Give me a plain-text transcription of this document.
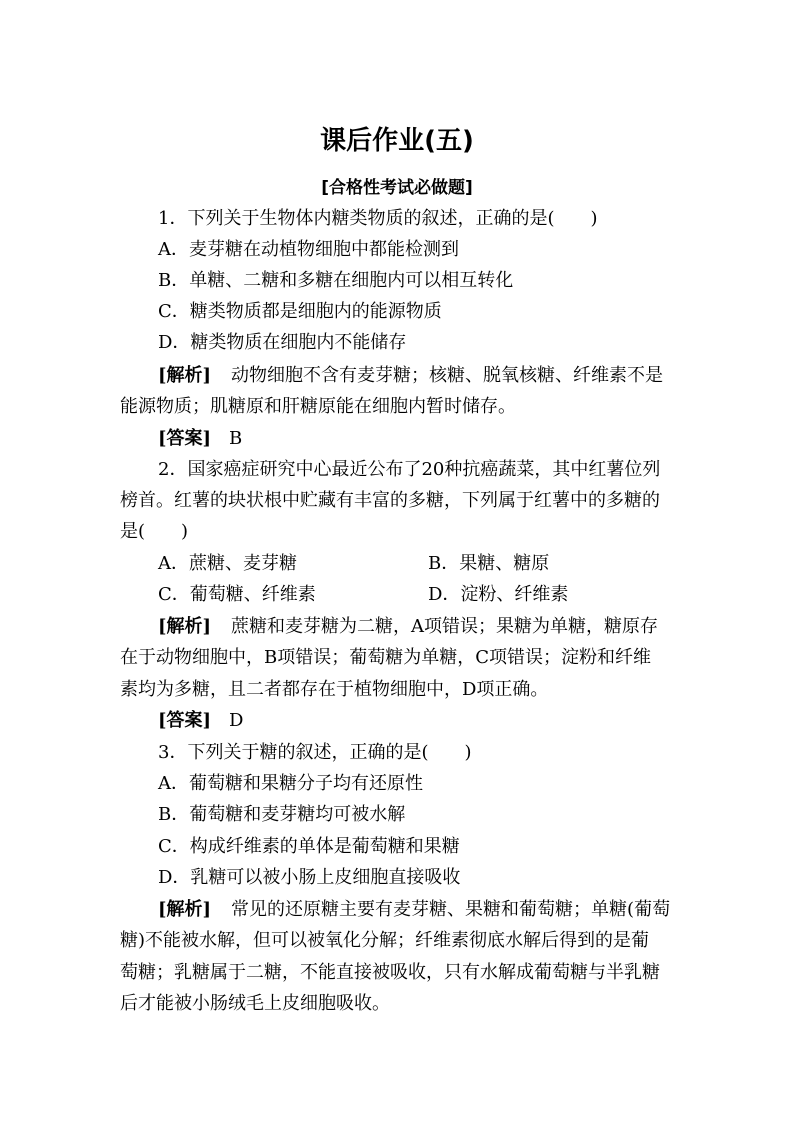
课后作业(五)
[合格性考试必做题]
1．下列关于生物体内糖类物质的叙述，正确的是(　　)
A．麦芽糖在动植物细胞中都能检测到
B．单糖、二糖和多糖在细胞内可以相互转化
C．糖类物质都是细胞内的能源物质
D．糖类物质在细胞内不能储存
[解析] 动物细胞不含有麦芽糖；核糖、脱氧核糖、纤维素不是
能源物质；肌糖原和肝糖原能在细胞内暂时储存。
[答案] B
2．国家癌症研究中心最近公布了20种抗癌蔬菜，其中红薯位列
榜首。红薯的块状根中贮藏有丰富的多糖，下列属于红薯中的多糖的
是(　　)
A．蔗糖、麦芽糖	B．果糖、糖原
C．葡萄糖、纤维素	D．淀粉、纤维素
[解析] 蔗糖和麦芽糖为二糖，A项错误；果糖为单糖，糖原存
在于动物细胞中，B项错误；葡萄糖为单糖，C项错误；淀粉和纤维
素均为多糖，且二者都存在于植物细胞中，D项正确。
[答案] D
3．下列关于糖的叙述，正确的是(　　)
A．葡萄糖和果糖分子均有还原性
B．葡萄糖和麦芽糖均可被水解
C．构成纤维素的单体是葡萄糖和果糖
D．乳糖可以被小肠上皮细胞直接吸收
[解析] 常见的还原糖主要有麦芽糖、果糖和葡萄糖；单糖(葡萄
糖)不能被水解，但可以被氧化分解；纤维素彻底水解后得到的是葡
萄糖；乳糖属于二糖，不能直接被吸收，只有水解成葡萄糖与半乳糖
后才能被小肠绒毛上皮细胞吸收。
